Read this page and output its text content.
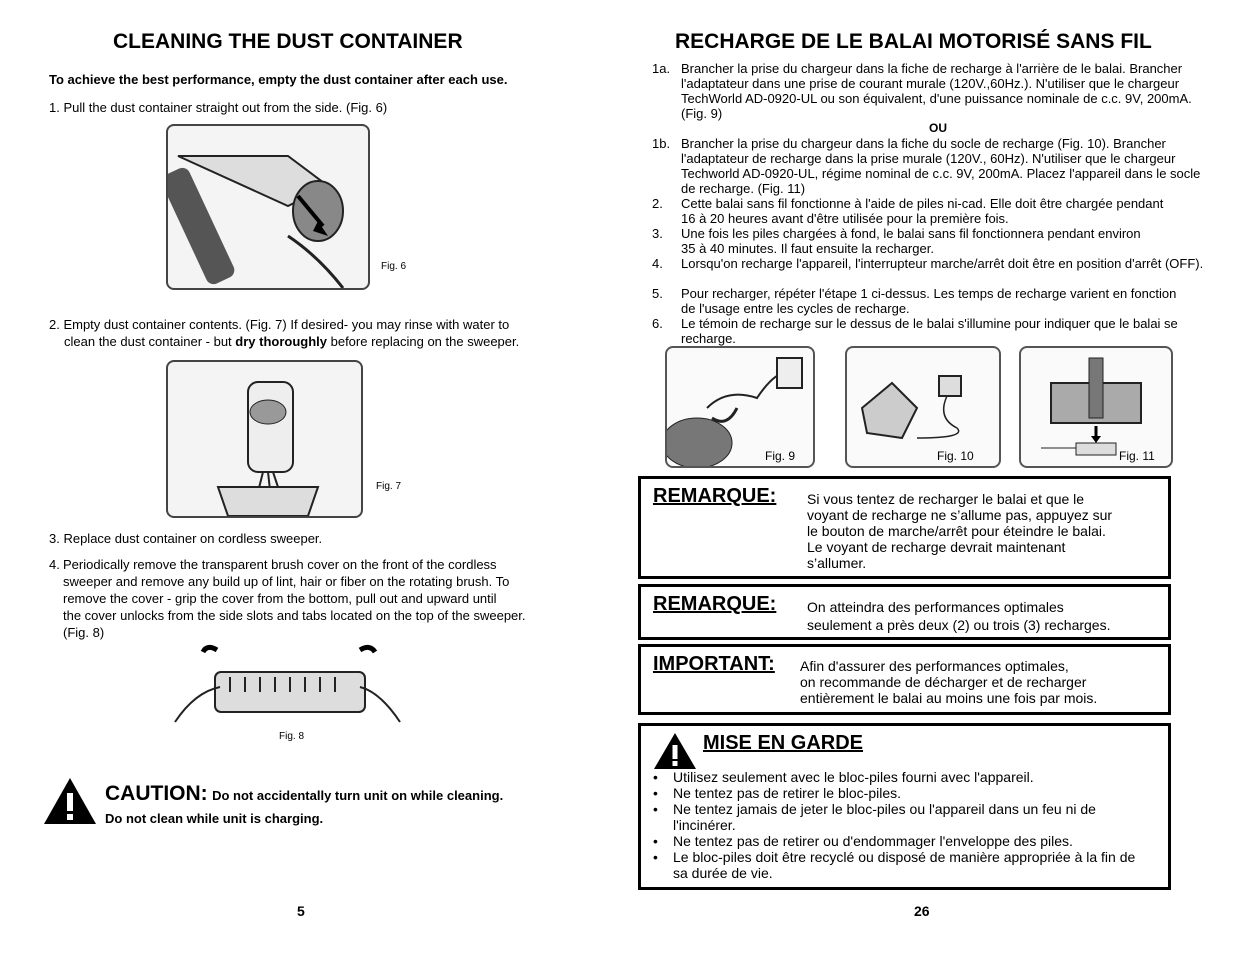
CLEANING THE DUST CONTAINER
To achieve the best performance, empty the dust container after each use.
1. Pull the dust container straight out from the side. (Fig. 6)
Fig. 6
2. Empty dust container contents. (Fig. 7) If desired- you may rinse with water to
clean the dust container - but dry thoroughly before replacing on the sweeper.
Fig. 7
3. Replace dust container on cordless sweeper.
4. Periodically remove the transparent brush cover on the front of the cordless
sweeper and remove any build up of lint, hair or fiber on the rotating brush. To
remove the cover - grip the cover from the bottom, pull out and upward until
the cover unlocks from the side slots and tabs located on the top of the sweeper.
(Fig. 8)
Fig. 8
CAUTION: Do not accidentally turn unit on while cleaning.
Do not clean while unit is charging.
5
RECHARGE DE LE BALAI MOTORISÉ SANS FIL
1a. Brancher la prise du chargeur dans la fiche de recharge à l'arrière de le balai. Brancher l'adaptateur dans une prise de courant murale (120V.,60Hz.). N'utiliser que le chargeur TechWorld AD-0920-UL ou son équivalent, d'une puissance nominale de c.c. 9V, 200mA. (Fig. 9)
OU
1b. Brancher la prise du chargeur dans la fiche du socle de recharge (Fig. 10). Brancher l'adaptateur de recharge dans la prise murale (120V., 60Hz). N'utiliser que le chargeur Techworld AD-0920-UL, régime nominal de c.c. 9V, 200mA. Placez l'appareil dans le socle de recharge. (Fig. 11)
2. Cette balai sans fil fonctionne à l'aide de piles ni-cad. Elle doit être chargée pendant 16 à 20 heures avant d'être utilisée pour la première fois.
3. Une fois les piles chargées à fond, le balai sans fil fonctionnera pendant environ 35 à 40 minutes. Il faut ensuite la recharger.
4. Lorsqu'on recharge l'appareil, l'interrupteur marche/arrêt doit être en position d'arrêt (OFF).
5. Pour recharger, répéter l'étape 1 ci-dessus. Les temps de recharge varient en fonction de l'usage entre les cycles de recharge.
6. Le témoin de recharge sur le dessus de le balai s'illumine pour indiquer que le balai se recharge.
Fig. 9	Fig. 10	Fig. 11
REMARQUE: Si vous tentez de recharger le balai et que le
voyant de recharge ne s’allume pas, appuyez sur
le bouton de marche/arrêt pour éteindre le balai.
Le voyant de recharge devrait maintenant
s’allumer.
REMARQUE: On atteindra des performances optimales
seulement a près deux (2) ou trois (3) recharges.
IMPORTANT: Afin d'assurer des performances optimales,
on recommande de décharger et de recharger
entièrement le balai au moins une fois par mois.
MISE EN GARDE
• Utilisez seulement avec le bloc-piles fourni avec l'appareil.
• Ne tentez pas de retirer le bloc-piles.
• Ne tentez jamais de jeter le bloc-piles ou l'appareil dans un feu ni de l'incinérer.
• Ne tentez pas de retirer ou d'endommager l'enveloppe des piles.
• Le bloc-piles doit être recyclé ou disposé de manière appropriée à la fin de sa durée de vie.
26
